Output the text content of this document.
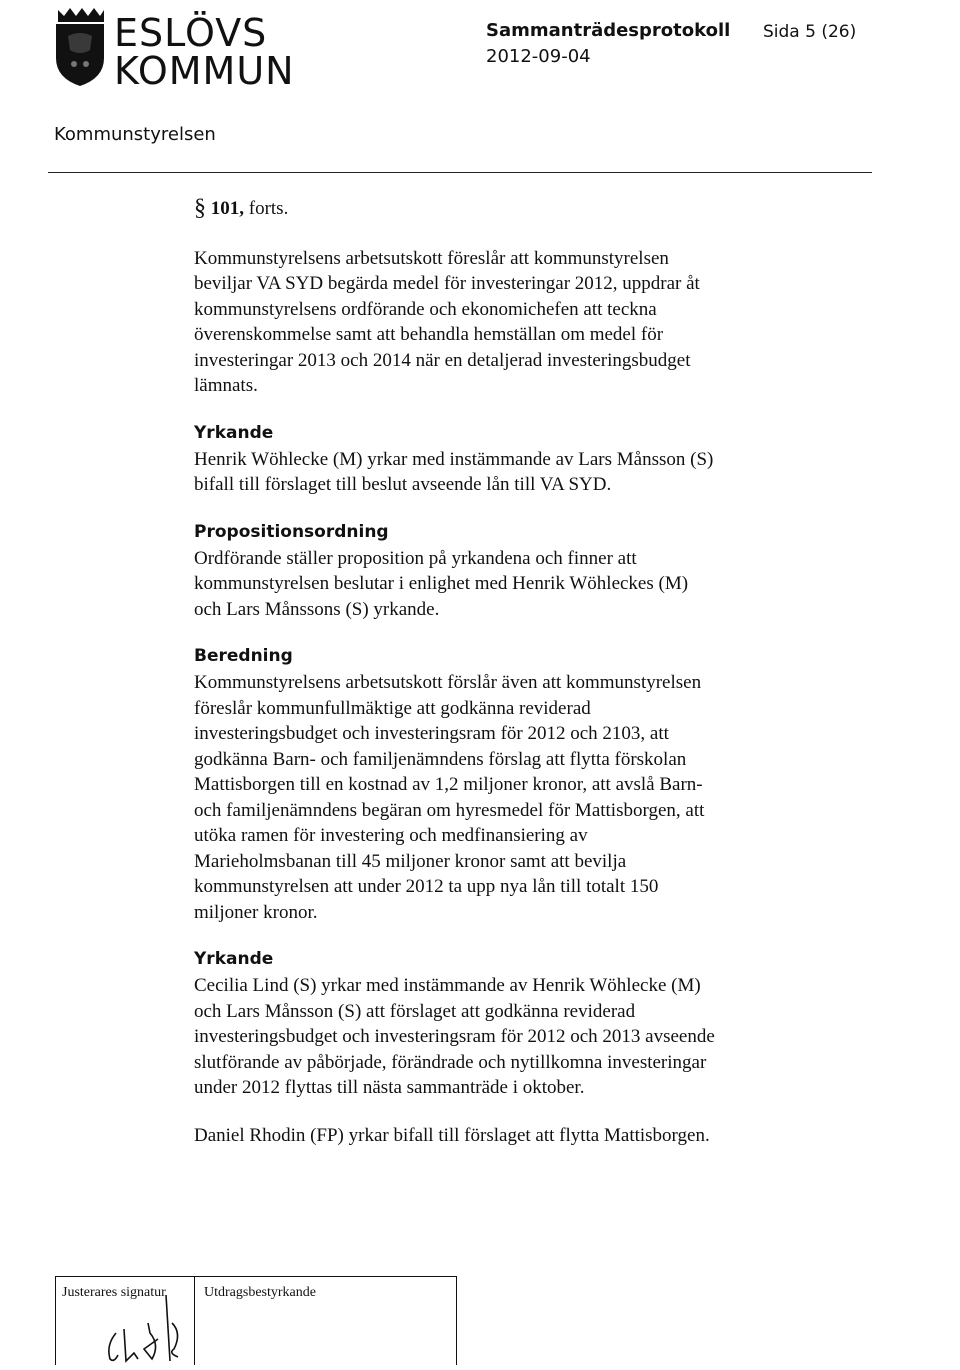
ESLÖVS
KOMMUN
Sammanträdesprotokoll
2012-09-04
Sida 5 (26)
Kommunstyrelsen
§ 101, forts.
Kommunstyrelsens arbetsutskott föreslår att kommunstyrelsen
beviljar VA SYD begärda medel för investeringar 2012, uppdrar åt
kommunstyrelsens ordförande och ekonomichefen att teckna
överenskommelse samt att behandla hemställan om medel för
investeringar 2013 och 2014 när en detaljerad investeringsbudget
lämnats.
Yrkande
Henrik Wöhlecke (M) yrkar med instämmande av Lars Månsson (S)
bifall till förslaget till beslut avseende lån till VA SYD.
Propositionsordning
Ordförande ställer proposition på yrkandena och finner att
kommunstyrelsen beslutar i enlighet med Henrik Wöhleckes (M)
och Lars Månssons (S) yrkande.
Beredning
Kommunstyrelsens arbetsutskott förslår även att kommunstyrelsen
föreslår kommunfullmäktige att godkänna reviderad
investeringsbudget och investeringsram för 2012 och 2103, att
godkänna Barn- och familjenämndens förslag att flytta förskolan
Mattisborgen till en kostnad av 1,2 miljoner kronor, att avslå Barn-
och familjenämndens begäran om hyresmedel för Mattisborgen, att
utöka ramen för investering och medfinansiering av
Marieholmsbanan till 45 miljoner kronor samt att bevilja
kommunstyrelsen att under 2012 ta upp nya lån till totalt 150
miljoner kronor.
Yrkande
Cecilia Lind (S) yrkar med instämmande av Henrik Wöhlecke (M)
och Lars Månsson (S) att förslaget att godkänna reviderad
investeringsbudget och investeringsram för 2012 och 2013 avseende
slutförande av påbörjade, förändrade och nytillkomna investeringar
under 2012 flyttas till nästa sammanträde i oktober.
Daniel Rhodin (FP) yrkar bifall till förslaget att flytta Mattisborgen.
Justerares signatur	Utdragsbestyrkande
